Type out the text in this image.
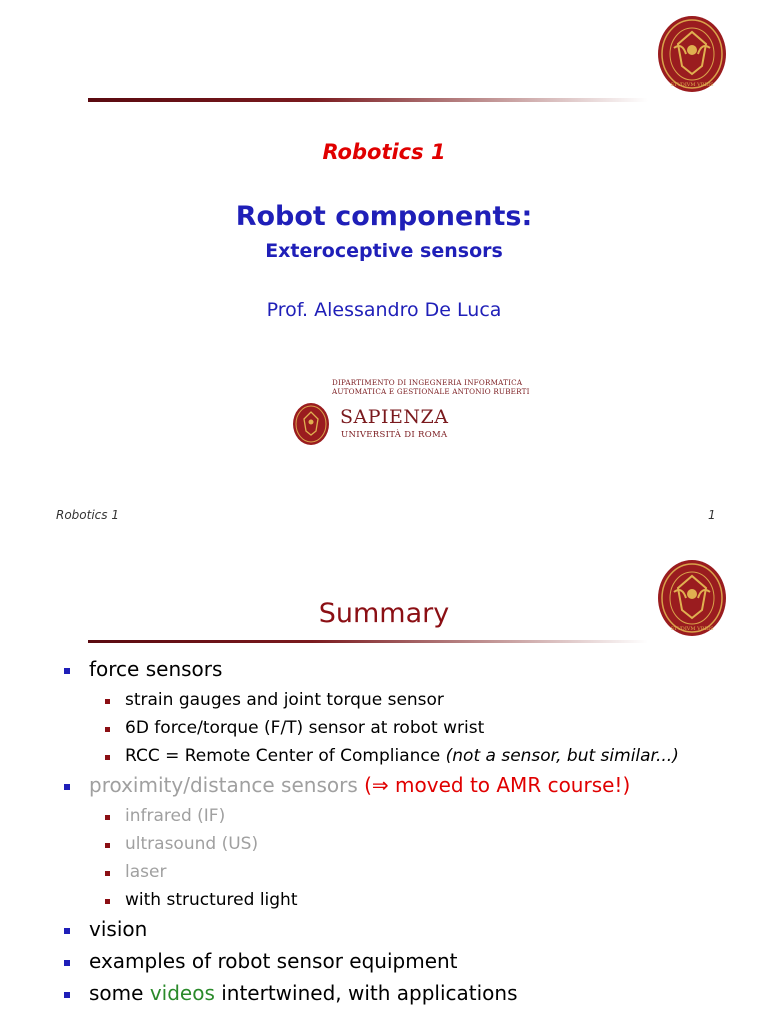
STVDIVM VRBIS
Robotics 1
Robot components:
Exteroceptive sensors
Prof. Alessandro De Luca
DIPARTIMENTO DI INGEGNERIA INFORMATICA
AUTOMATICA E GESTIONALE ANTONIO RUBERTI
SAPIENZA
UNIVERSITÀ DI ROMA
Robotics 1	1
STVDIVM VRBIS
Summary
force sensors
strain gauges and joint torque sensor
6D force/torque (F/T) sensor at robot wrist
RCC = Remote Center of Compliance (not a sensor, but similar...)
proximity/distance sensors (⇒ moved to AMR course!)
infrared (IF)
ultrasound (US)
laser
with structured light
vision
examples of robot sensor equipment
some videos intertwined, with applications
